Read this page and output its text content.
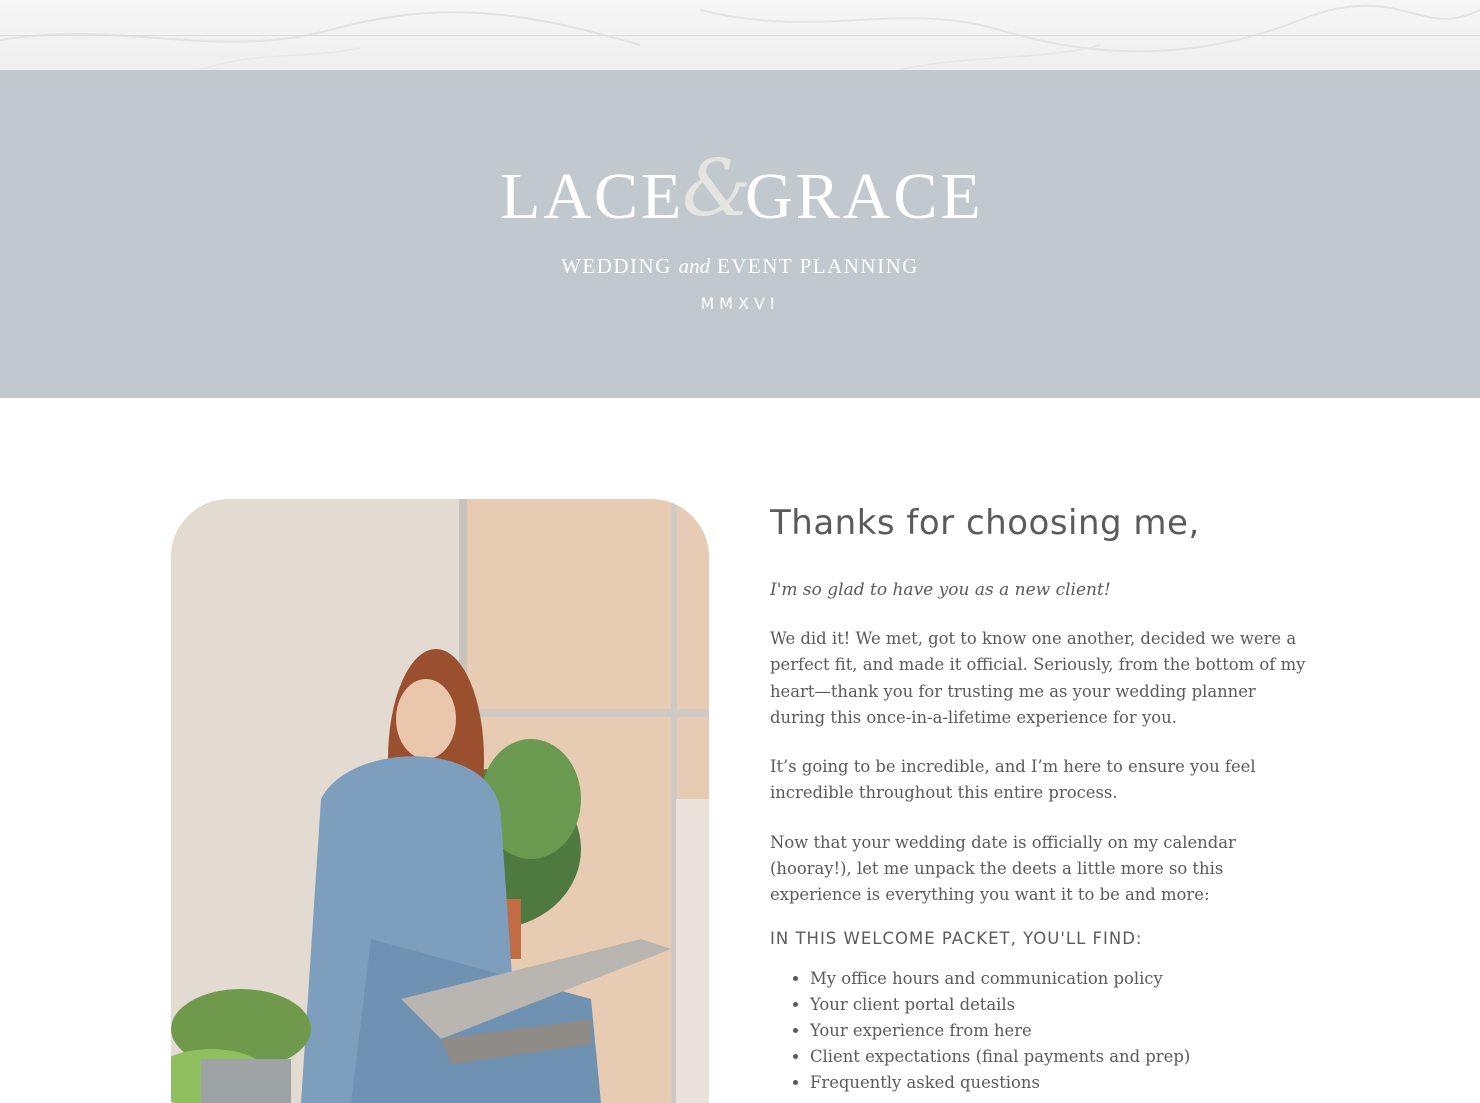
LACE
&
GRACE
WEDDING and EVENT PLANNING
MMXVI
Thanks for choosing me,

I'm so glad to have you as a new client!

We did it! We met, got to know one another, decided we were a perfect fit, and made it official. Seriously, from the bottom of my heart—thank you for trusting me as your wedding planner during this once-in-a-lifetime experience for you.

It’s going to be incredible, and I’m here to ensure you feel incredible throughout this entire process.

Now that your wedding date is officially on my calendar (hooray!), let me unpack the deets a little more so this experience is everything you want it to be and more:

IN THIS WELCOME PACKET, YOU'LL FIND:
• My office hours and communication policy
• Your client portal details
• Your experience from here
• Client expectations (final payments and prep)
• Frequently asked questions
